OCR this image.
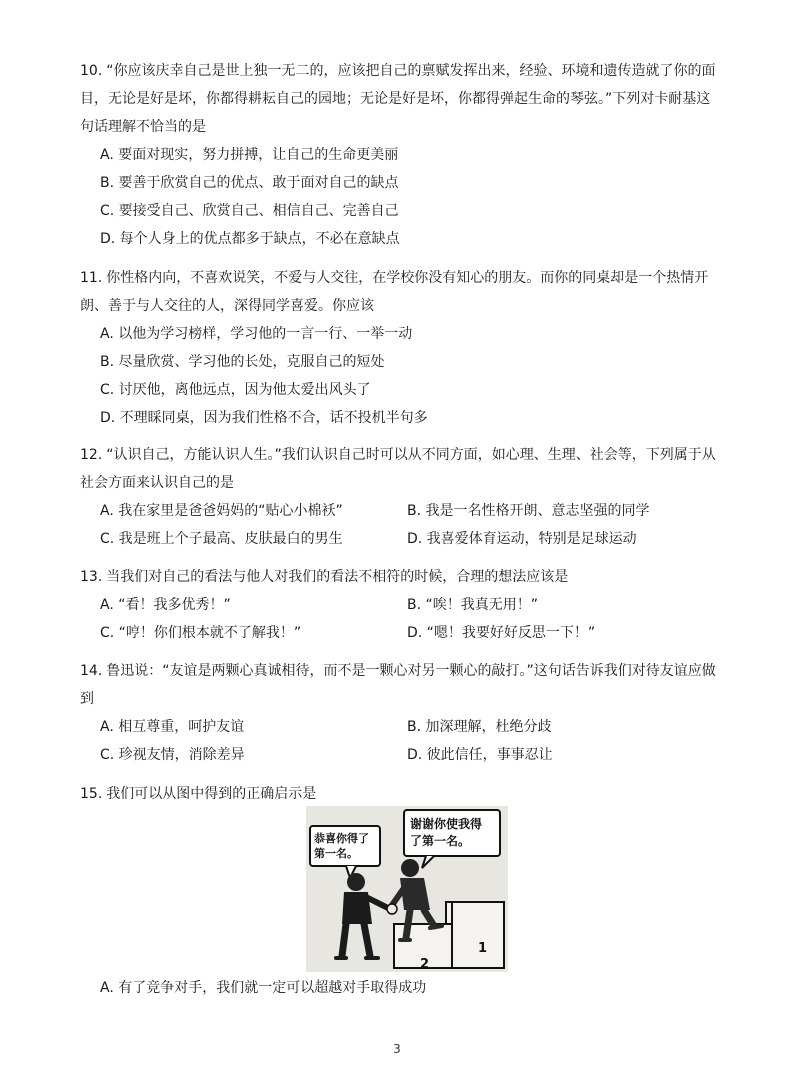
10. “你应该庆幸自己是世上独一无二的，应该把自己的禀赋发挥出来，经验、环境和遗传造就了你的面目，无论是好是坏，你都得耕耘自己的园地；无论是好是坏，你都得弹起生命的琴弦。”下列对卡耐基这句话理解不恰当的是

A. 要面对现实，努力拼搏，让自己的生命更美丽
B. 要善于欣赏自己的优点、敢于面对自己的缺点
C. 要接受自己、欣赏自己、相信自己、完善自己
D. 每个人身上的优点都多于缺点，不必在意缺点

11. 你性格内向，不喜欢说笑，不爱与人交往，在学校你没有知心的朋友。而你的同桌却是一个热情开朗、善于与人交往的人，深得同学喜爱。你应该

A. 以他为学习榜样，学习他的一言一行、一举一动
B. 尽量欣赏、学习他的长处，克服自己的短处
C. 讨厌他，离他远点，因为他太爱出风头了
D. 不理睬同桌，因为我们性格不合，话不投机半句多

12. “认识自己，方能认识人生。”我们认识自己时可以从不同方面，如心理、生理、社会等，下列属于从社会方面来认识自己的是

A. 我在家里是爸爸妈妈的“贴心小棉袄”	B. 我是一名性格开朗、意志坚强的同学
C. 我是班上个子最高、皮肤最白的男生	D. 我喜爱体育运动，特别是足球运动

13. 当我们对自己的看法与他人对我们的看法不相符的时候，合理的想法应该是

A. “看！我多优秀！”	B. “唉！我真无用！”
C. “哼！你们根本就不了解我！”	D. “嗯！我要好好反思一下！”

14. 鲁迅说：“友谊是两颗心真诚相待，而不是一颗心对另一颗心的敲打。”这句话告诉我们对待友谊应做到

A. 相互尊重，呵护友谊	B. 加深理解，杜绝分歧
C. 珍视友情，消除差异	D. 彼此信任，事事忍让

15. 我们可以从图中得到的正确启示是

恭喜你得了 第一名。
谢谢你使我得 了第一名。
2
1
A. 有了竞争对手，我们就一定可以超越对手取得成功
3
